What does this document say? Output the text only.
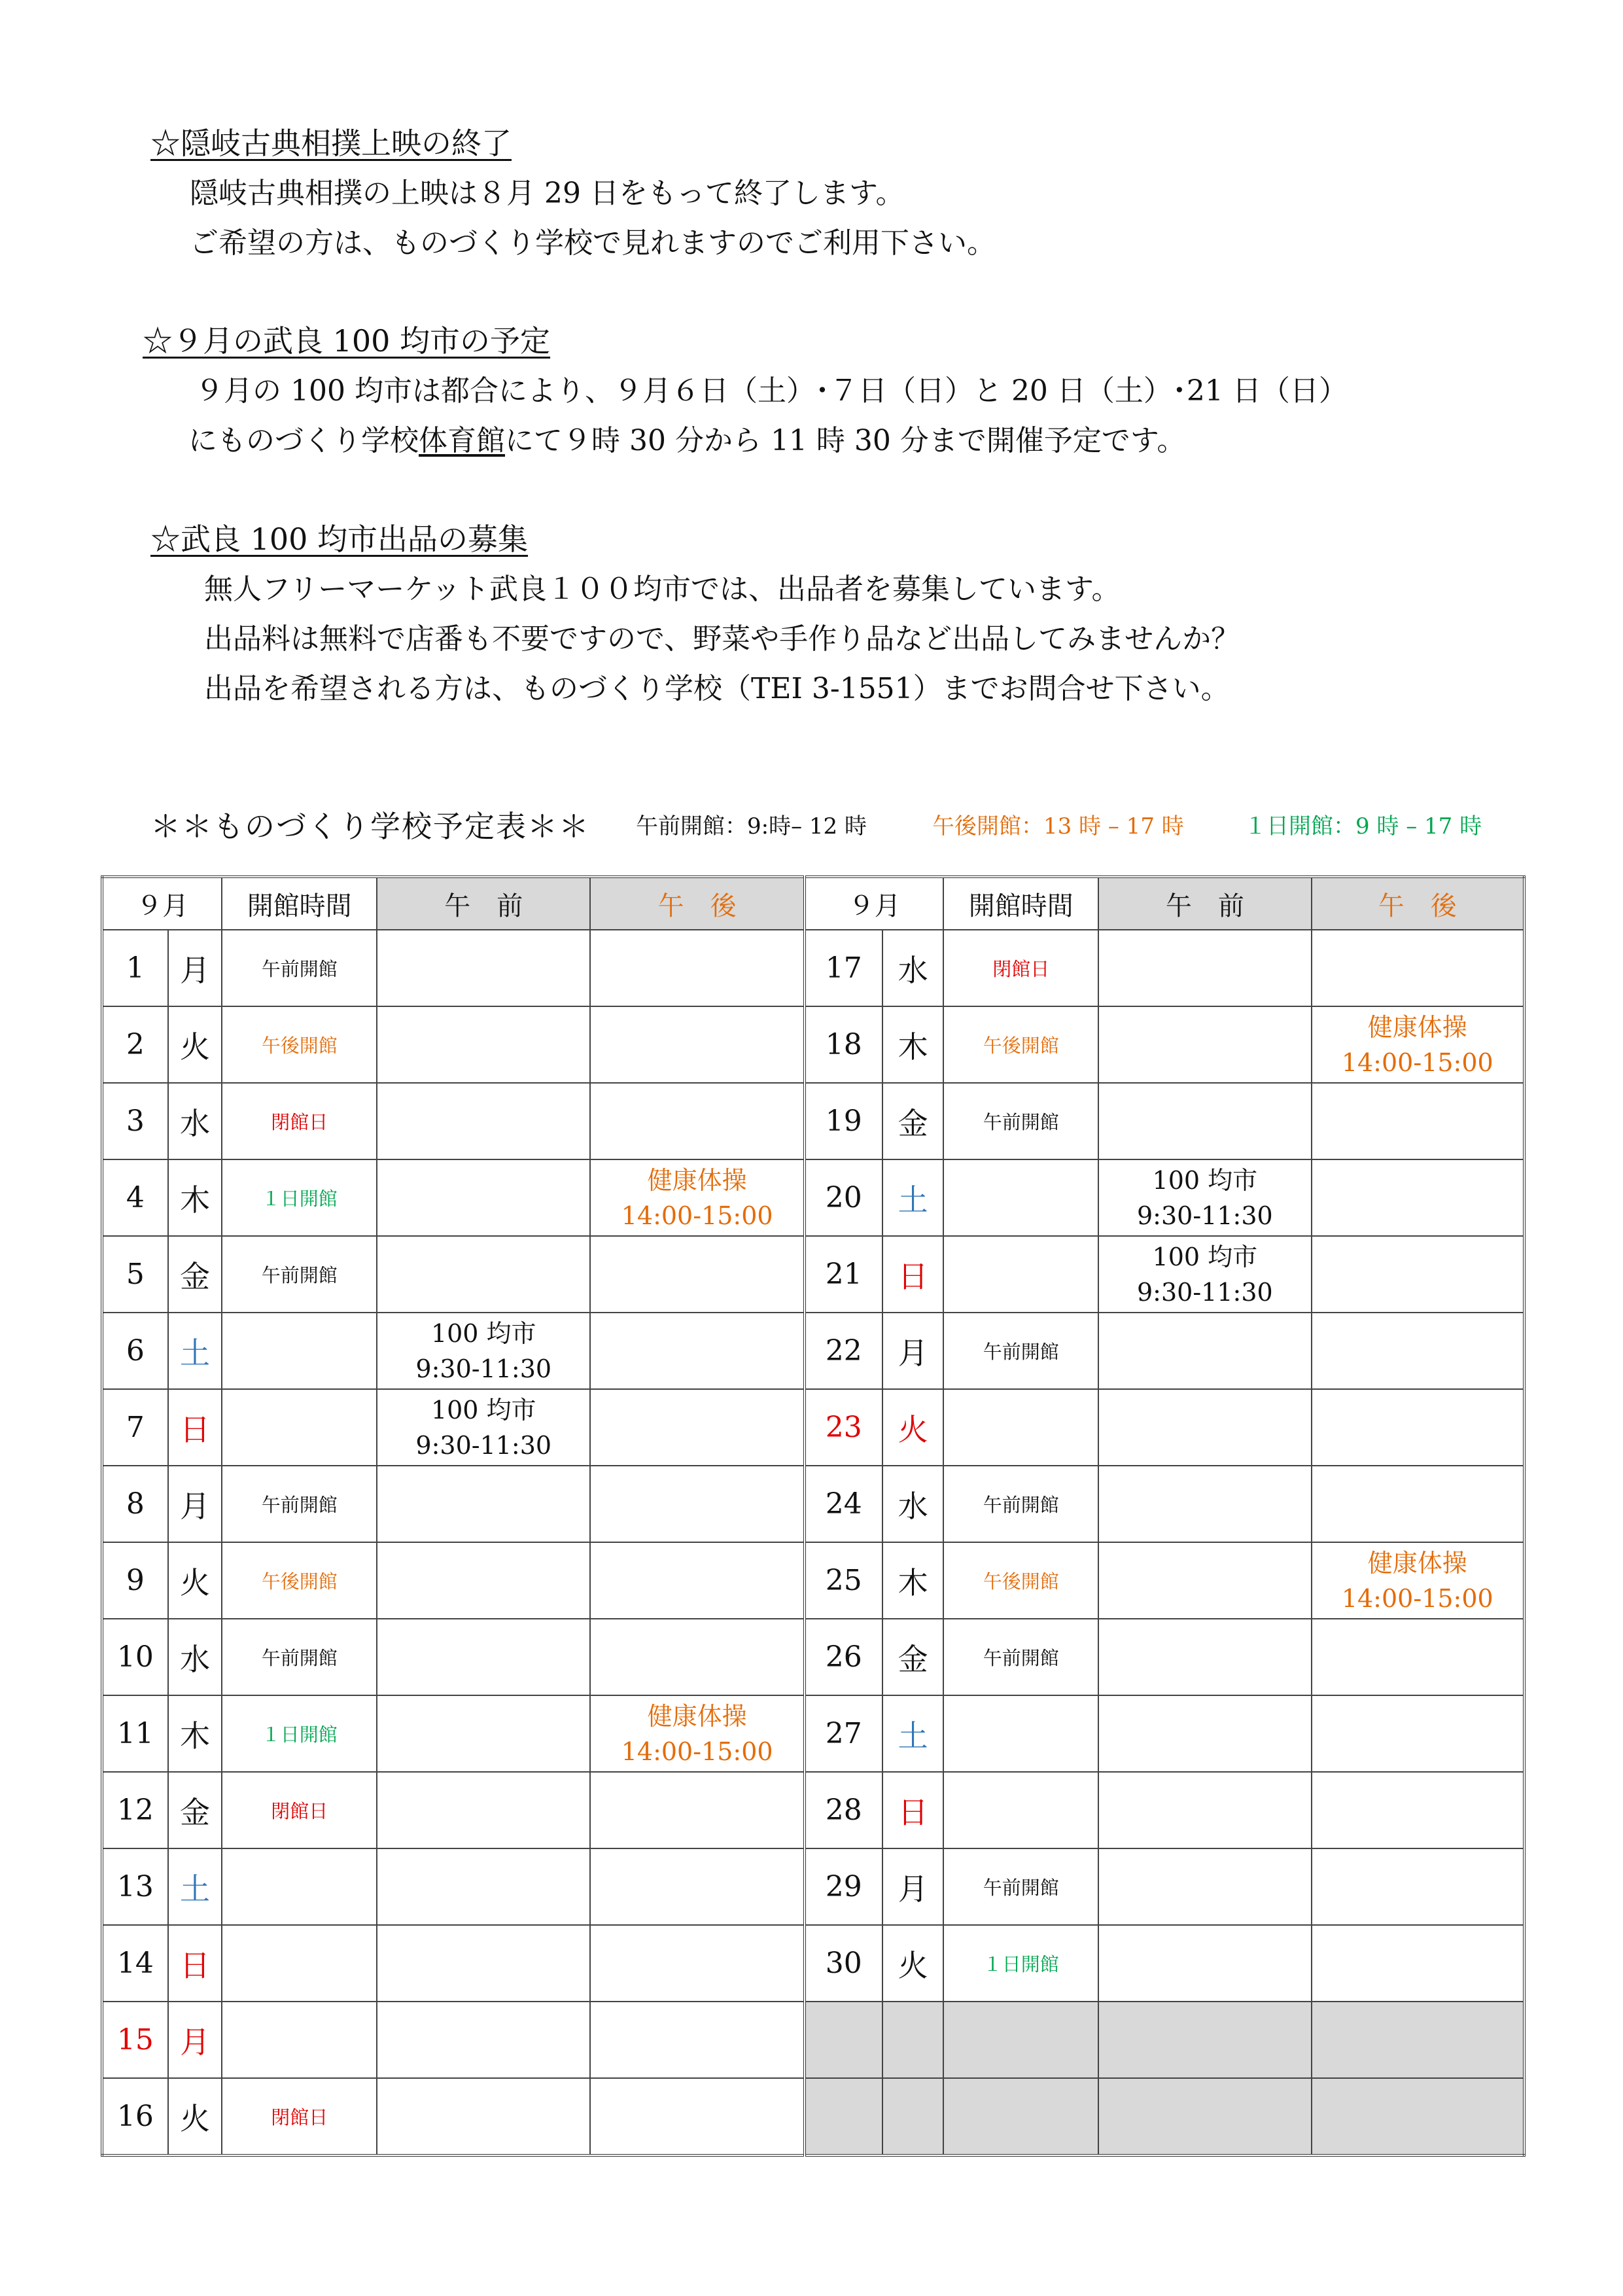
☆隠岐古典相撲上映の終了

隠岐古典相撲の上映は８月 29 日をもって終了します。

ご希望の方は、ものづくり学校で見れますのでご利用下さい。

☆９月の武良 100 均市の予定

９月の 100 均市は都合により、９月６日（土）･７日（日）と 20 日（土）･21 日（日）

にものづくり学校体育館にて９時 30 分から 11 時 30 分まで開催予定です。

☆武良 100 均市出品の募集

無人フリーマーケット武良１００均市では、出品者を募集しています。

出品料は無料で店番も不要ですので、野菜や手作り品など出品してみませんか？

出品を希望される方は、ものづくり学校（TEI 3-1551）までお問合せ下さい。

＊＊ものづくり学校予定表＊＊ 午前開館：9:時– 12 時	午後開館：13 時 – 17 時	１日開館：9 時 – 17 時
９月		開館時間	午　前	午　後	９月		開館時間	午　前	午　後
1	月	午前開館			17	水	閉館日		
2	火	午後開館			18	木	午後開館		健康体操
14:00-15:00
3	水	閉館日			19	金	午前開館		
4	木	１日開館		健康体操
14:00-15:00	20	土		100 均市
9:30-11:30	
5	金	午前開館			21	日		100 均市
9:30-11:30	
6	土		100 均市
9:30-11:30		22	月	午前開館		
7	日		100 均市
9:30-11:30		23	火			
8	月	午前開館			24	水	午前開館		
9	火	午後開館			25	木	午後開館		健康体操
14:00-15:00
10	水	午前開館			26	金	午前開館		
11	木	１日開館		健康体操
14:00-15:00	27	土			
12	金	閉館日			28	日			
13	土				29	月	午前開館		
14	日				30	火	１日開館		
15	月								
16	火	閉館日							
